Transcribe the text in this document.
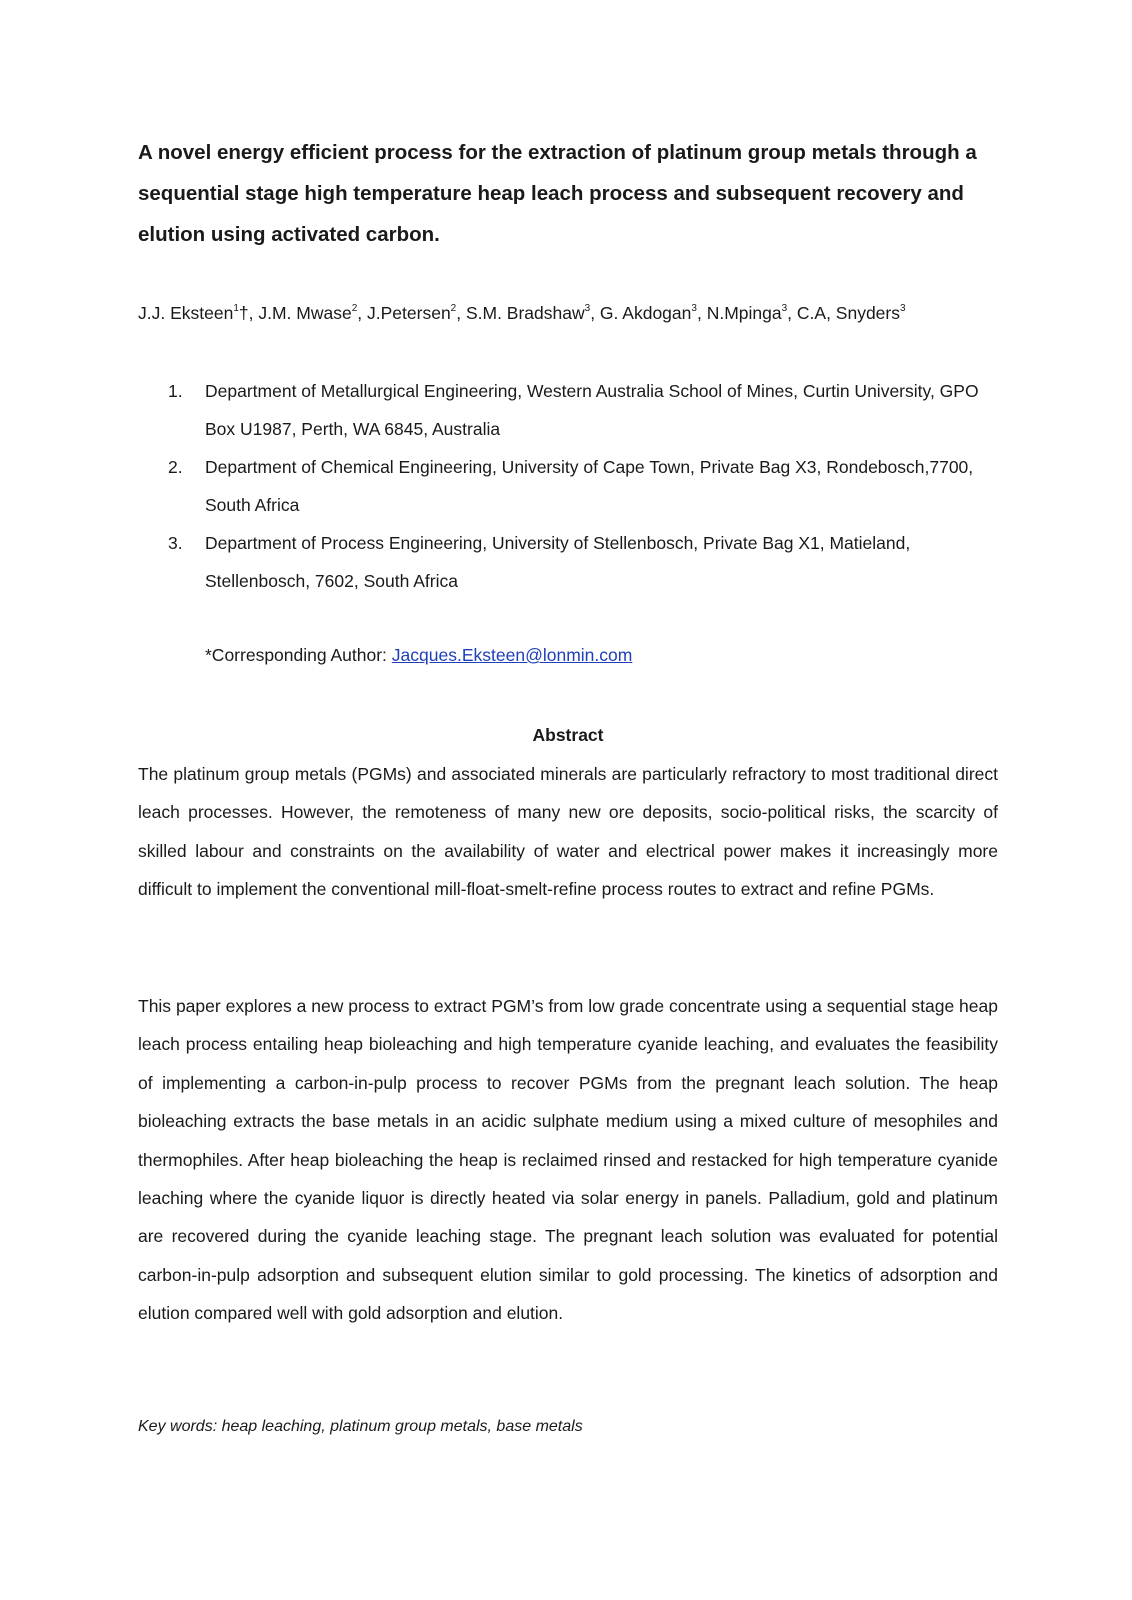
A novel energy efficient process for the extraction of platinum group metals through a sequential stage high temperature heap leach process and subsequent recovery and elution using activated carbon.
J.J. Eksteen$^1$†, J.M. Mwase$^2$, J.Petersen$^2$, S.M. Bradshaw$^3$, G. Akdogan$^3$, N.Mpinga$^3$, C.A, Snyders$^3$
1. Department of Metallurgical Engineering, Western Australia School of Mines, Curtin University, GPO Box U1987, Perth, WA 6845, Australia
2. Department of Chemical Engineering, University of Cape Town, Private Bag X3, Rondebosch,7700, South Africa
3. Department of Process Engineering, University of Stellenbosch, Private Bag X1, Matieland, Stellenbosch, 7602, South Africa
*Corresponding Author: Jacques.Eksteen@lonmin.com
Abstract

The platinum group metals (PGMs) and associated minerals are particularly refractory to most traditional direct leach processes. However, the remoteness of many new ore deposits, socio-political risks, the scarcity of skilled labour and constraints on the availability of water and electrical power makes it increasingly more difficult to implement the conventional mill-float-smelt-refine process routes to extract and refine PGMs.

This paper explores a new process to extract PGM’s from low grade concentrate using a sequential stage heap leach process entailing heap bioleaching and high temperature cyanide leaching, and evaluates the feasibility of implementing a carbon-in-pulp process to recover PGMs from the pregnant leach solution. The heap bioleaching extracts the base metals in an acidic sulphate medium using a mixed culture of mesophiles and thermophiles. After heap bioleaching the heap is reclaimed rinsed and restacked for high temperature cyanide leaching where the cyanide liquor is directly heated via solar energy in panels. Palladium, gold and platinum are recovered during the cyanide leaching stage. The pregnant leach solution was evaluated for potential carbon-in-pulp adsorption and subsequent elution similar to gold processing. The kinetics of adsorption and elution compared well with gold adsorption and elution.

Key words: heap leaching, platinum group metals, base metals
